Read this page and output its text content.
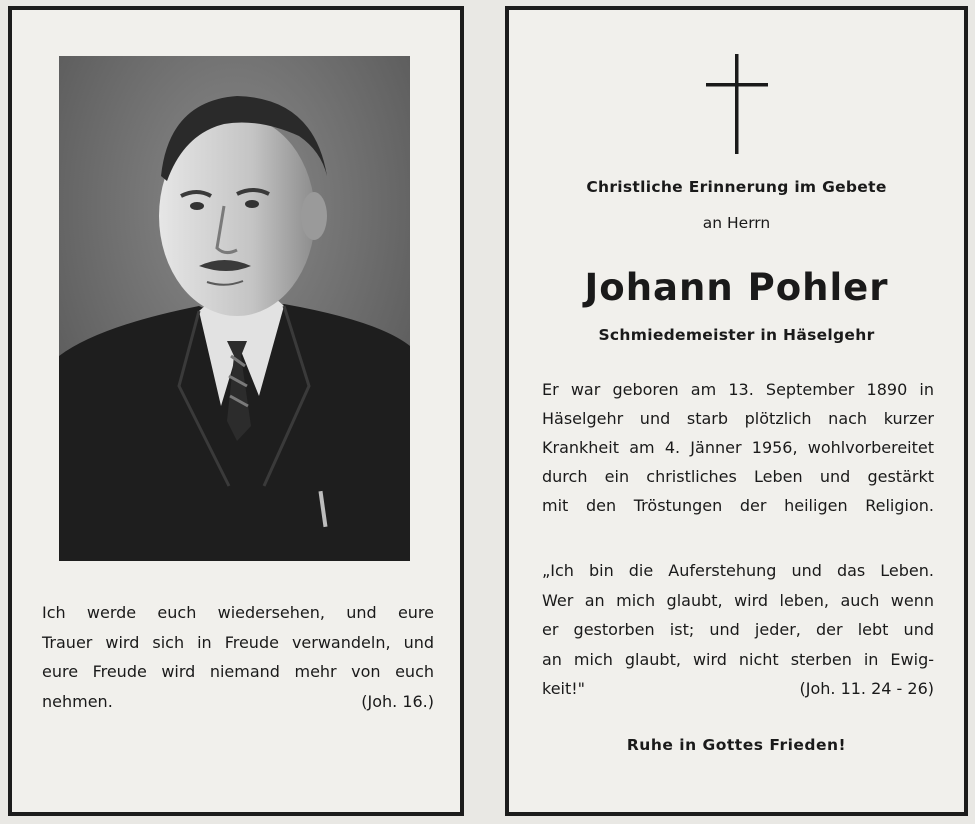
Ich werde euch wiedersehen, und eure
Trauer wird sich in Freude verwandeln, und
eure Freude wird niemand mehr von euch
nehmen.	(Joh. 16.)
Christliche Erinnerung im Gebete
an Herrn
Johann Pohler
Schmiedemeister in Häselgehr
Er war geboren am 13. September 1890 in
Häselgehr und starb plötzlich nach kurzer
Krankheit am 4. Jänner 1956, wohlvorbereitet
durch ein christliches Leben und gestärkt
mit den Tröstungen der heiligen Religion.
„Ich bin die Auferstehung und das Leben.
Wer an mich glaubt, wird leben, auch wenn
er gestorben ist; und jeder, der lebt und
an mich glaubt, wird nicht sterben in Ewig-
keit!"	(Joh. 11. 24 - 26)
Ruhe in Gottes Frieden!
